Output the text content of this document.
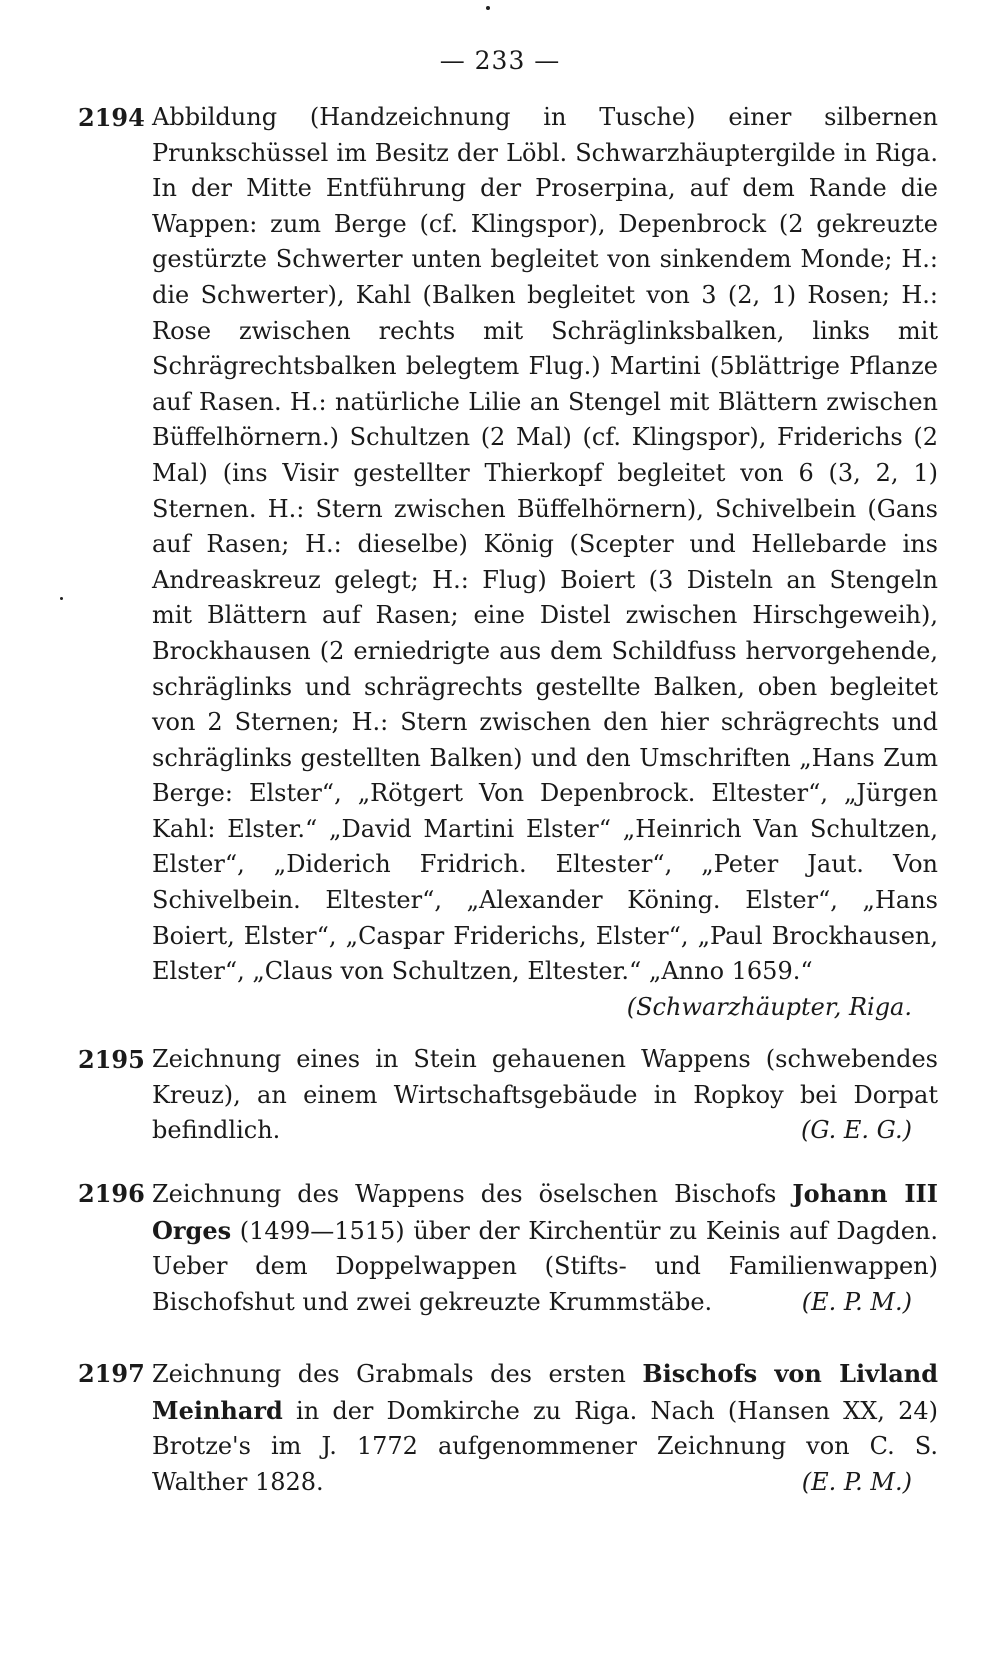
— 233 —
2194 Abbildung (Handzeichnung in Tusche) einer silbernen Prunkschüssel im Besitz der Löbl. Schwarzhäuptergilde in Riga. In der Mitte Entführung der Proserpina, auf dem Rande die Wappen: zum Berge (cf. Klingspor), Depenbrock (2 gekreuzte gestürzte Schwerter unten begleitet von sinkendem Monde; H.: die Schwerter), Kahl (Balken begleitet von 3 (2, 1) Rosen; H.: Rose zwischen rechts mit Schräglinksbalken, links mit Schrägrechtsbalken belegtem Flug.) Martini (5blättrige Pflanze auf Rasen. H.: natürliche Lilie an Stengel mit Blättern zwischen Büffelhörnern.) Schultzen (2 Mal) (cf. Klingspor), Friderichs (2 Mal) (ins Visir gestellter Thierkopf begleitet von 6 (3, 2, 1) Sternen. H.: Stern zwischen Büffelhörnern), Schivelbein (Gans auf Rasen; H.: dieselbe) König (Scepter und Hellebarde ins Andreaskreuz gelegt; H.: Flug) Boiert (3 Disteln an Stengeln mit Blättern auf Rasen; eine Distel zwischen Hirschgeweih), Brockhausen (2 erniedrigte aus dem Schildfuss hervorgehende, schräglinks und schrägrechts gestellte Balken, oben begleitet von 2 Sternen; H.: Stern zwischen den hier schrägrechts und schräglinks gestellten Balken) und den Umschriften „Hans Zum Berge: Elster“, „Rötgert Von Depenbrock. Eltester“, „Jürgen Kahl: Elster.“ „David Martini Elster“ „Heinrich Van Schultzen, Elster“, „Diderich Fridrich. Eltester“, „Peter Jaut. Von Schivelbein. Eltester“, „Alexander Köning. Elster“, „Hans Boiert, Elster“, „Caspar Friderichs, Elster“, „Paul Brockhausen, Elster“, „Claus von Schultzen, Eltester.“ „Anno 1659.“
(Schwarzhäupter, Riga.
2195 Zeichnung eines in Stein gehauenen Wappens (schwebendes Kreuz), an einem Wirtschaftsgebäude in Ropkoy bei Dorpat befindlich.	(G. E. G.)
2196 Zeichnung des Wappens des öselschen Bischofs Johann III Orges (1499—1515) über der Kirchentür zu Keinis auf Dagden. Ueber dem Doppelwappen (Stifts- und Familienwappen) Bischofshut und zwei gekreuzte Krummstäbe.	(E. P. M.)
2197 Zeichnung des Grabmals des ersten Bischofs von Livland Meinhard in der Domkirche zu Riga. Nach (Hansen XX, 24) Brotze's im J. 1772 aufgenommener Zeichnung von C. S. Walther 1828.	(E. P. M.)
